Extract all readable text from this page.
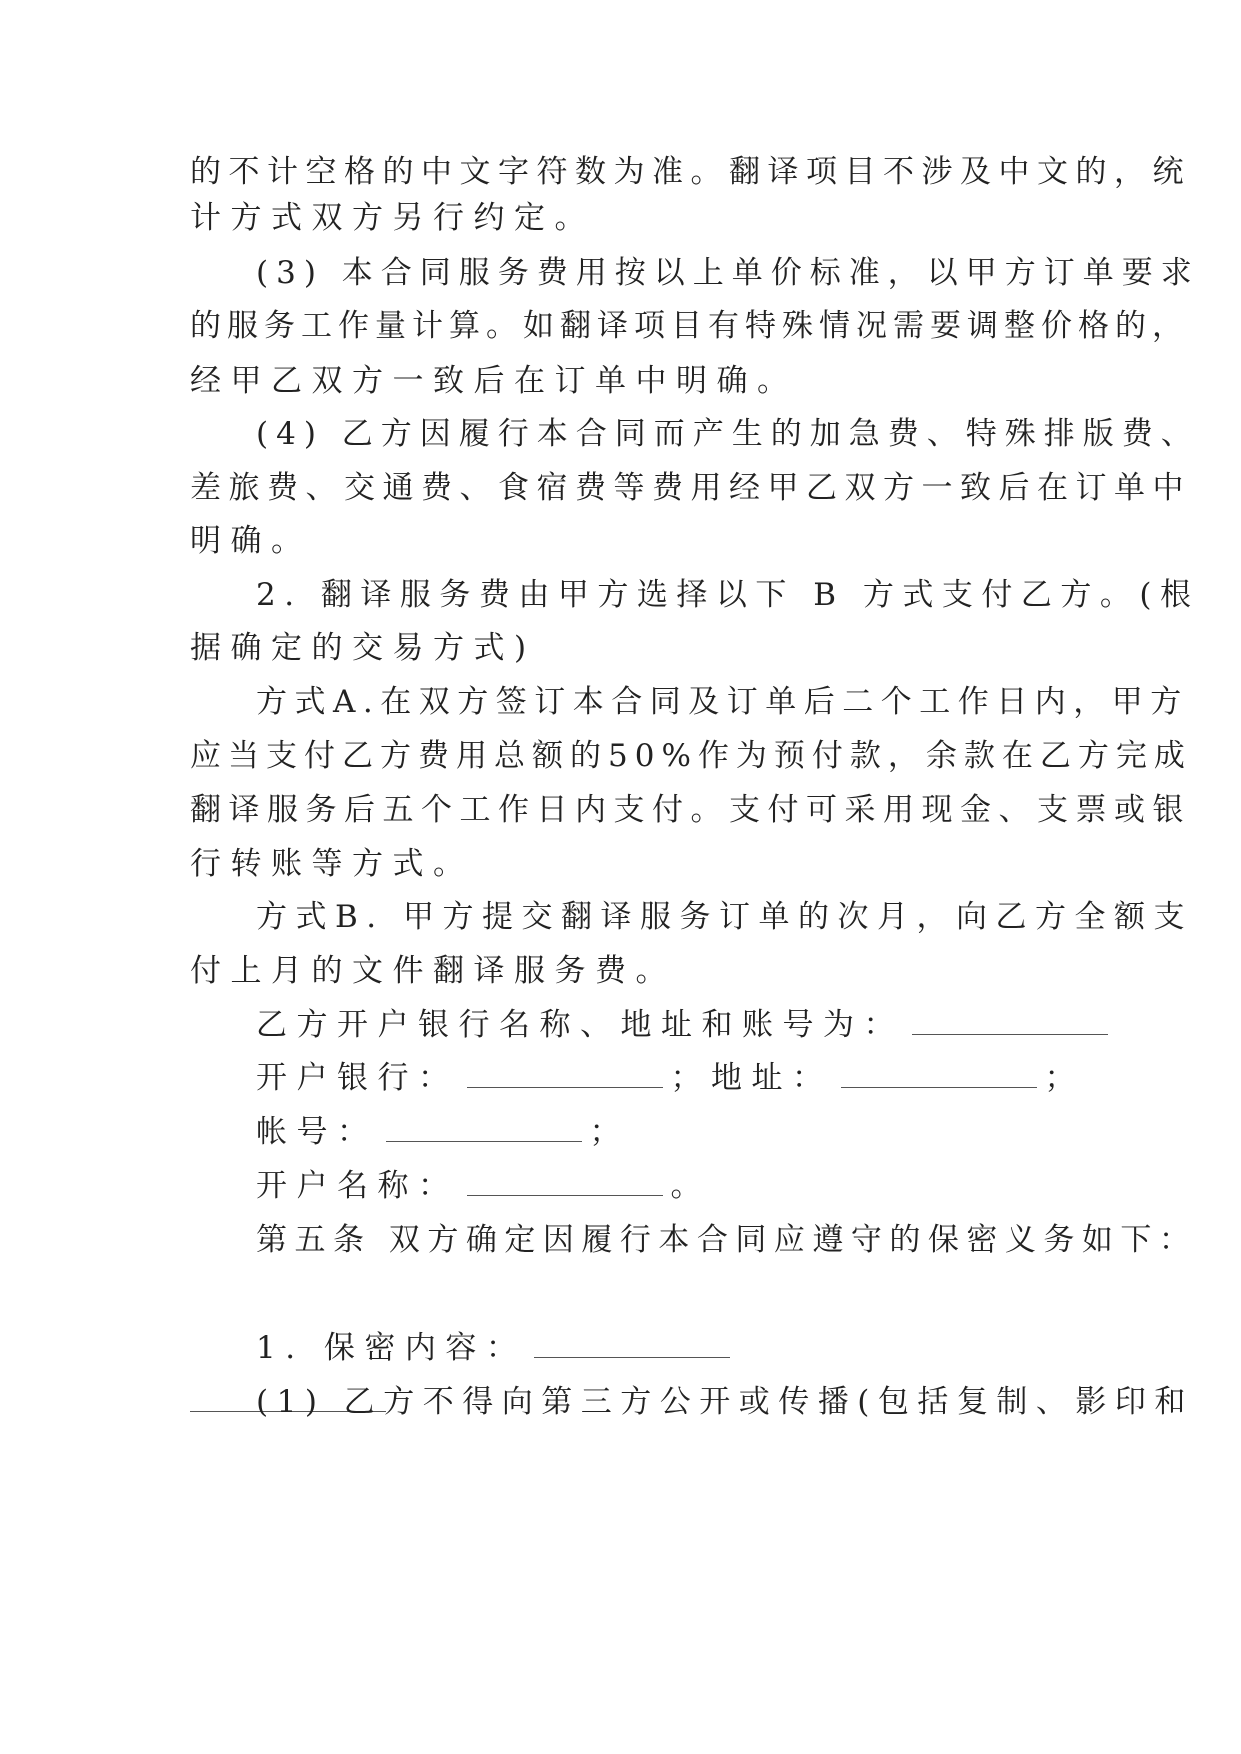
的不计空格的中文字符数为准。翻译项目不涉及中文的，统
计方式双方另行约定。
(3) 本合同服务费用按以上单价标准，以甲方订单要求
的服务工作量计算。如翻译项目有特殊情况需要调整价格的，
经甲乙双方一致后在订单中明确。
(4) 乙方因履行本合同而产生的加急费、特殊排版费、
差旅费、交通费、食宿费等费用经甲乙双方一致后在订单中
明确。
2. 翻译服务费由甲方选择以下 B 方式支付乙方。(根
据确定的交易方式)
方式A.在双方签订本合同及订单后二个工作日内，甲方
应当支付乙方费用总额的50%作为预付款，余款在乙方完成
翻译服务后五个工作日内支付。支付可采用现金、支票或银
行转账等方式。
方式B. 甲方提交翻译服务订单的次月，向乙方全额支
付上月的文件翻译服务费。
乙方开户银行名称、地址和账号为：
开户银行：	；地址：	；
帐号：	；
开户名称：	。
第五条 双方确定因履行本合同应遵守的保密义务如下：
1. 保密内容：
(1) 乙方不得向第三方公开或传播(包括复制、影印和
